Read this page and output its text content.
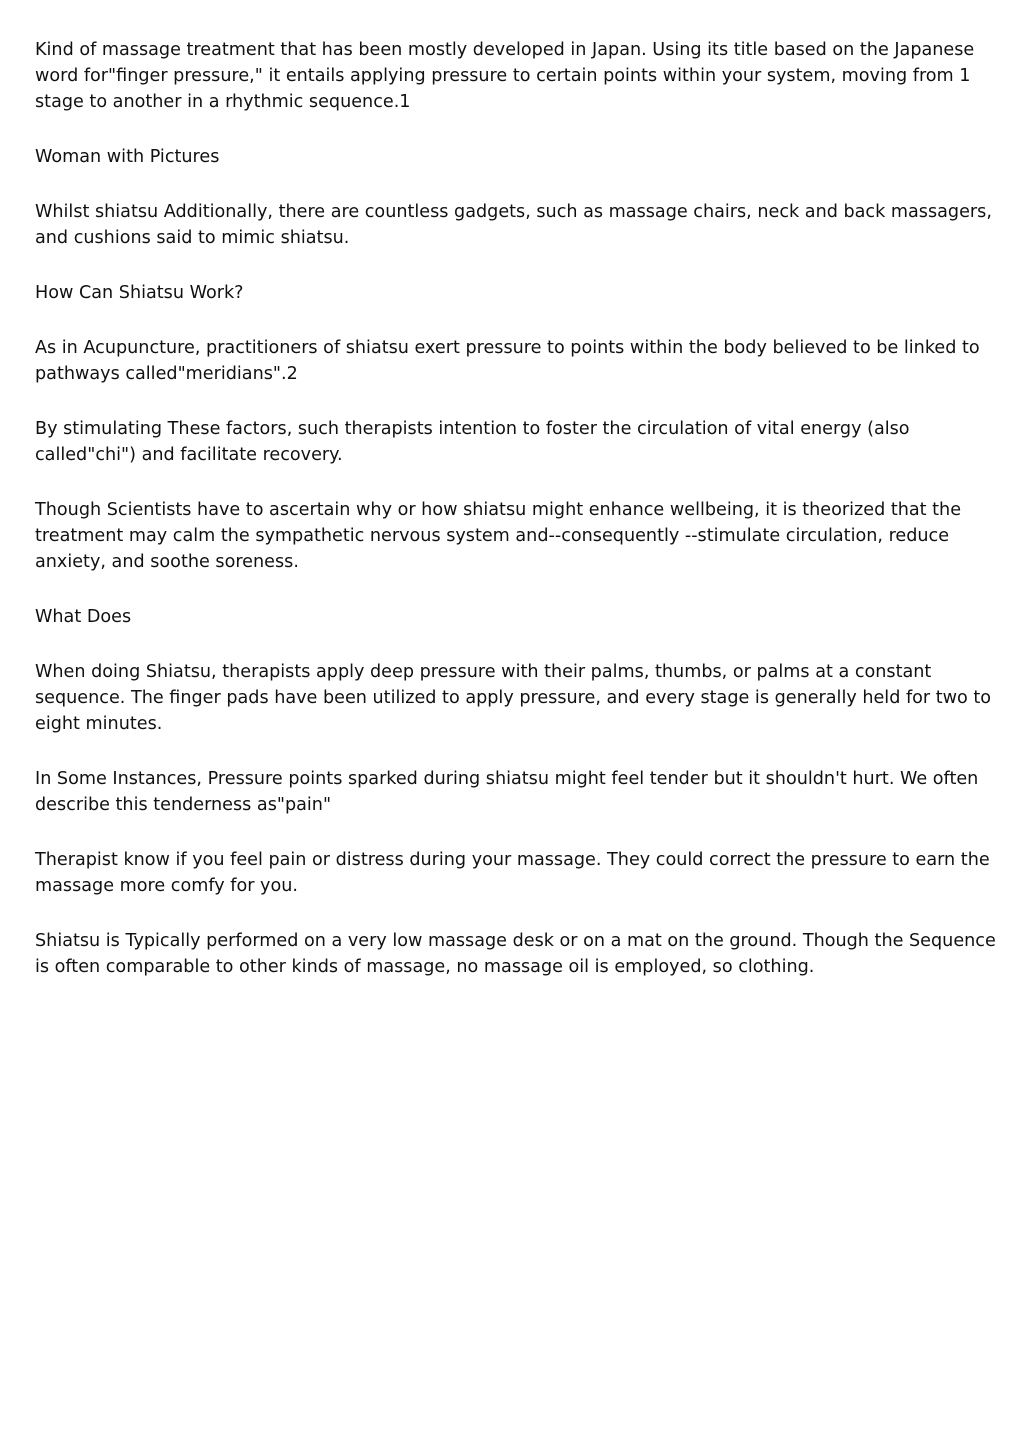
Kind of massage treatment that has been mostly developed in Japan. Using its title based on the Japanese word for"finger pressure," it entails applying pressure to certain points within your system, moving from 1 stage to another in a rhythmic sequence.1

Woman with Pictures

Whilst shiatsu Additionally, there are countless gadgets, such as massage chairs, neck and back massagers, and cushions said to mimic shiatsu.

How Can Shiatsu Work?

As in Acupuncture, practitioners of shiatsu exert pressure to points within the body believed to be linked to pathways called"meridians".2

By stimulating These factors, such therapists intention to foster the circulation of vital energy (also called"chi") and facilitate recovery.

Though Scientists have to ascertain why or how shiatsu might enhance wellbeing, it is theorized that the treatment may calm the sympathetic nervous system and--consequently --stimulate circulation, reduce anxiety, and soothe soreness.

What Does

When doing Shiatsu, therapists apply deep pressure with their palms, thumbs, or palms at a constant sequence. The finger pads have been utilized to apply pressure, and every stage is generally held for two to eight minutes.

In Some Instances, Pressure points sparked during shiatsu might feel tender but it shouldn't hurt. We often describe this tenderness as"pain"

Therapist know if you feel pain or distress during your massage. They could correct the pressure to earn the massage more comfy for you.

Shiatsu is Typically performed on a very low massage desk or on a mat on the ground. Though the Sequence is often comparable to other kinds of massage, no massage oil is employed, so clothing.
